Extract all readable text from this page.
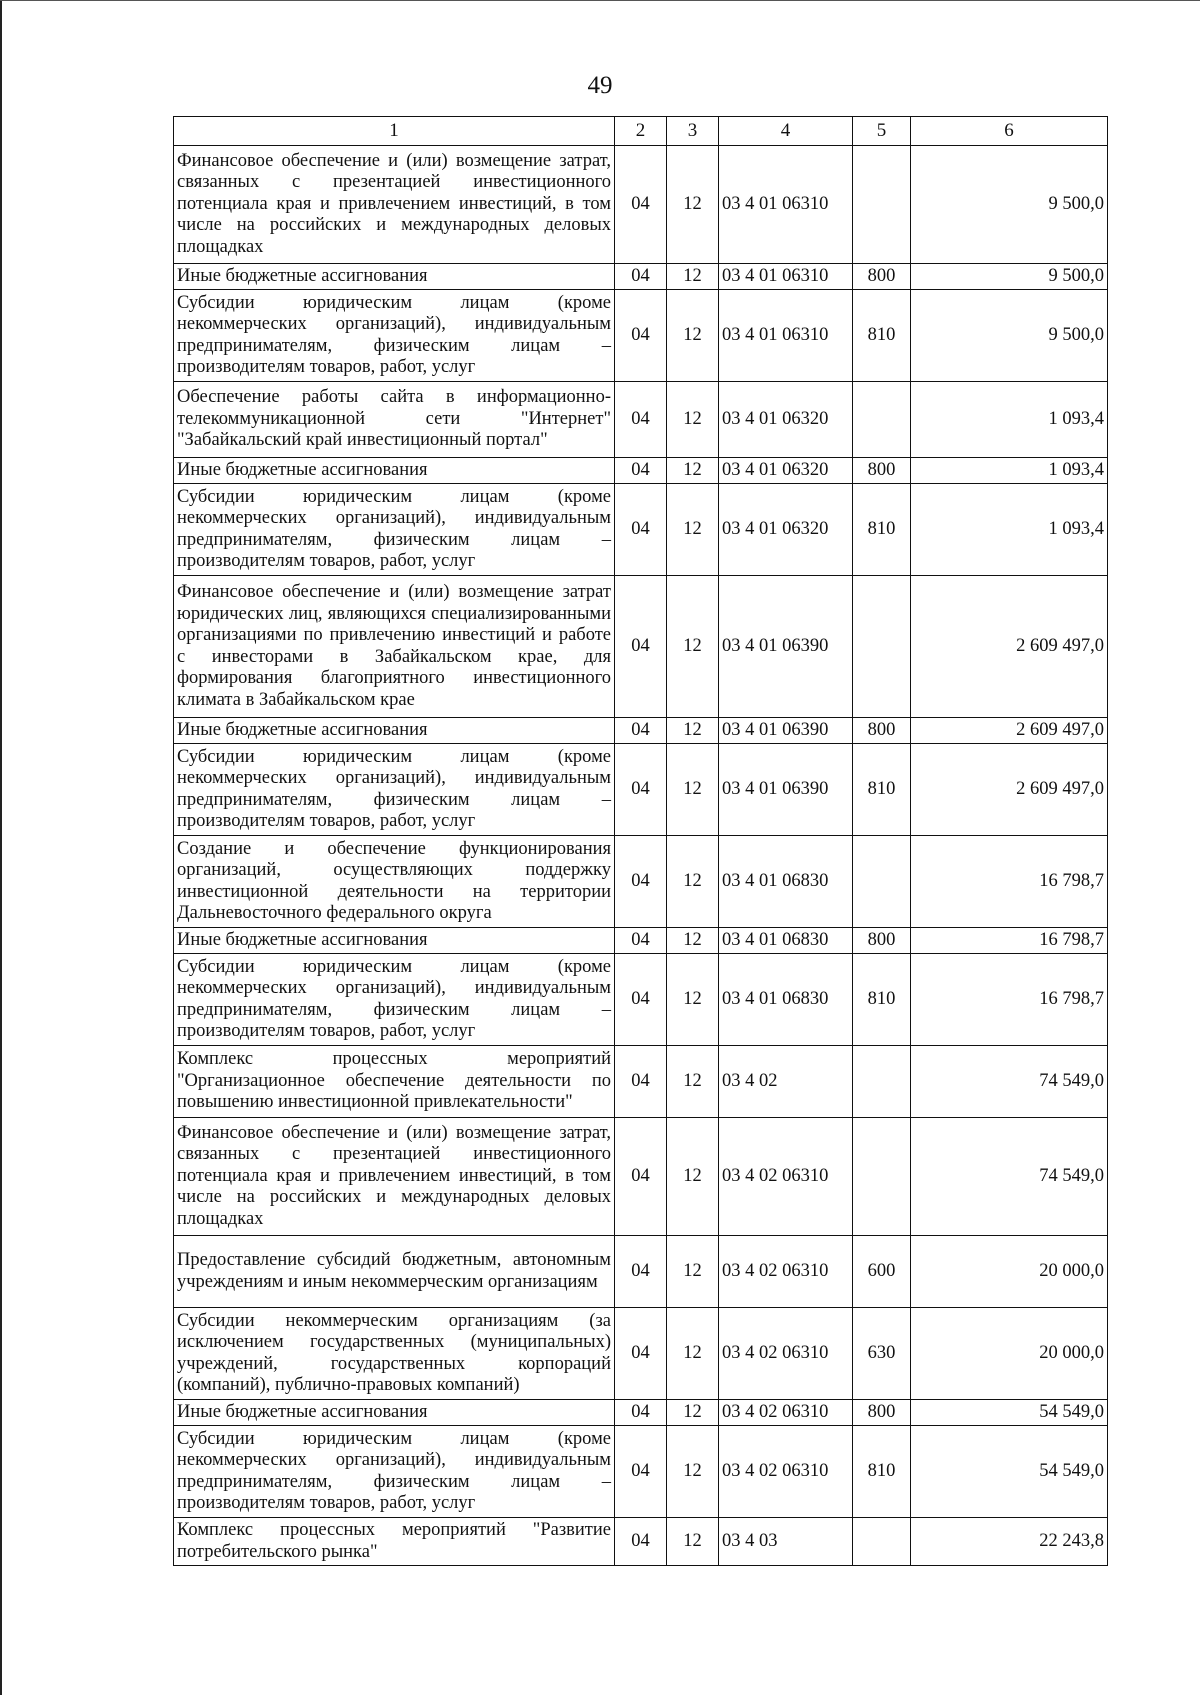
49
1	2	3	4	5	6
Финансовое обеспечение и (или) возмещение затрат, связанных с презентацией инвестиционного потенциала края и привлечением инвестиций, в том числе на российских и международных деловых площадках	04	12	03 4 01 06310		9 500,0
Иные бюджетные ассигнования	04	12	03 4 01 06310	800	9 500,0
Субсидии юридическим лицам (кроме некоммерческих организаций), индивидуальным предпринимателям, физическим лицам – производителям товаров, работ, услуг	04	12	03 4 01 06310	810	9 500,0
Обеспечение работы сайта в информационно-телекоммуникационной сети "Интернет" "Забайкальский край инвестиционный портал"	04	12	03 4 01 06320		1 093,4
Иные бюджетные ассигнования	04	12	03 4 01 06320	800	1 093,4
Субсидии юридическим лицам (кроме некоммерческих организаций), индивидуальным предпринимателям, физическим лицам – производителям товаров, работ, услуг	04	12	03 4 01 06320	810	1 093,4
Финансовое обеспечение и (или) возмещение затрат юридических лиц, являющихся специализированными организациями по привлечению инвестиций и работе с инвесторами в Забайкальском крае, для формирования благоприятного инвестиционного климата в Забайкальском крае	04	12	03 4 01 06390		2 609 497,0
Иные бюджетные ассигнования	04	12	03 4 01 06390	800	2 609 497,0
Субсидии юридическим лицам (кроме некоммерческих организаций), индивидуальным предпринимателям, физическим лицам – производителям товаров, работ, услуг	04	12	03 4 01 06390	810	2 609 497,0
Создание и обеспечение функционирования организаций, осуществляющих поддержку инвестиционной деятельности на территории Дальневосточного федерального округа	04	12	03 4 01 06830		16 798,7
Иные бюджетные ассигнования	04	12	03 4 01 06830	800	16 798,7
Субсидии юридическим лицам (кроме некоммерческих организаций), индивидуальным предпринимателям, физическим лицам – производителям товаров, работ, услуг	04	12	03 4 01 06830	810	16 798,7
Комплекс процессных мероприятий "Организационное обеспечение деятельности по повышению инвестиционной привлекательности"	04	12	03 4 02		74 549,0
Финансовое обеспечение и (или) возмещение затрат, связанных с презентацией инвестиционного потенциала края и привлечением инвестиций, в том числе на российских и международных деловых площадках	04	12	03 4 02 06310		74 549,0
Предоставление субсидий бюджетным, автономным учреждениям и иным некоммерческим организациям	04	12	03 4 02 06310	600	20 000,0
Субсидии некоммерческим организациям (за исключением государственных (муниципальных) учреждений, государственных корпораций (компаний), публично-правовых компаний)	04	12	03 4 02 06310	630	20 000,0
Иные бюджетные ассигнования	04	12	03 4 02 06310	800	54 549,0
Субсидии юридическим лицам (кроме некоммерческих организаций), индивидуальным предпринимателям, физическим лицам – производителям товаров, работ, услуг	04	12	03 4 02 06310	810	54 549,0
Комплекс процессных мероприятий "Развитие потребительского рынка"	04	12	03 4 03		22 243,8
